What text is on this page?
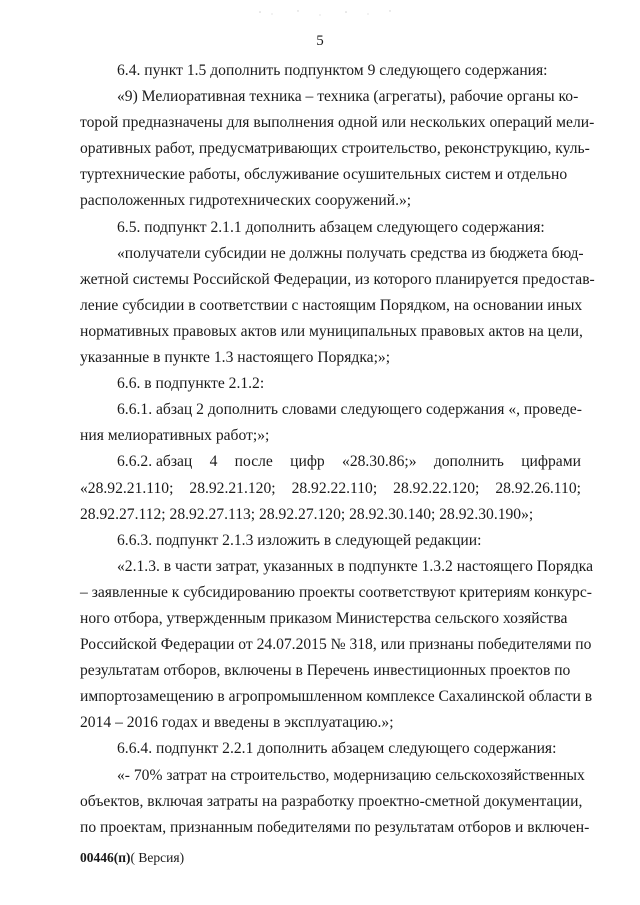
5

6.4. пункт 1.5 дополнить подпунктом 9 следующего содержания:

«9) Мелиоративная техника – техника (агрегаты), рабочие органы ко-
торой предназначены для выполнения одной или нескольких операций мели-
оративных работ, предусматривающих строительство, реконструкцию, куль-
туртехнические работы, обслуживание осушительных систем и отдельно
расположенных гидротехнических сооружений.»;

6.5. подпункт 2.1.1 дополнить абзацем следующего содержания:

«получатели субсидии не должны получать средства из бюджета бюд-
жетной системы Российской Федерации, из которого планируется предостав-
ление субсидии в соответствии с настоящим Порядком, на основании иных
нормативных правовых актов или муниципальных правовых актов на цели,
указанные в пункте 1.3 настоящего Порядка;»;

6.6. в подпункте 2.1.2:

6.6.1. абзац 2 дополнить словами следующего содержания «, проведе-
ния мелиоративных работ;»;

6.6.2. абзац 4 после цифр «28.30.86;» дополнить цифрами
«28.92.21.110; 28.92.21.120; 28.92.22.110; 28.92.22.120; 28.92.26.110;
28.92.27.112; 28.92.27.113; 28.92.27.120; 28.92.30.140; 28.92.30.190»;

6.6.3. подпункт 2.1.3 изложить в следующей редакции:

«2.1.3. в части затрат, указанных в подпункте 1.3.2 настоящего Порядка
– заявленные к субсидированию проекты соответствуют критериям конкурс-
ного отбора, утвержденным приказом Министерства сельского хозяйства
Российской Федерации от 24.07.2015 № 318, или признаны победителями по
результатам отборов, включены в Перечень инвестиционных проектов по
импортозамещению в агропромышленном комплексе Сахалинской области в
2014 – 2016 годах и введены в эксплуатацию.»;

6.6.4. подпункт 2.2.1 дополнить абзацем следующего содержания:

«- 70% затрат на строительство, модернизацию сельскохозяйственных
объектов, включая затраты на разработку проектно-сметной документации,
по проектам, признанным победителями по результатам отборов и включен-

00446(п)( Версия)
